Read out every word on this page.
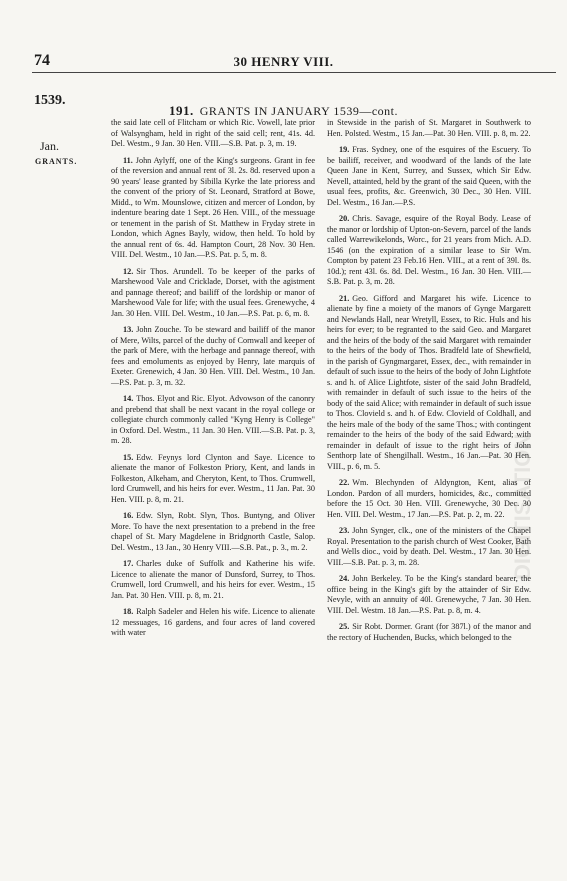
74	30 HENRY VIII.
1539.
Jan.
GRANTS.
191. GRANTS IN JANUARY 1539—cont.
DIGITISATION

the said late cell of Flitcham or which Ric. Vowell, late prior of Walsyngham, held in right of the said cell; rent, 41s. 4d. Del. Westm., 9 Jan. 30 Hen. VIII.—S.B. Pat. p. 3, m. 19.

11. John Aylyff, one of the King's surgeons. Grant in fee of the reversion and annual rent of 3l. 2s. 8d. reserved upon a 90 years' lease granted by Sibilla Kyrke the late prioress and the convent of the priory of St. Leonard, Stratford at Bowe, Midd., to Wm. Mounslowe, citizen and mercer of London, by indenture bearing date 1 Sept. 26 Hen. VIII., of the messuage or tenement in the parish of St. Matthew in Fryday strete in London, which Agnes Bayly, widow, then held. To hold by the annual rent of 6s. 4d. Hampton Court, 28 Nov. 30 Hen. VIII. Del. Westm., 10 Jan.—P.S. Pat. p. 5, m. 8.

12. Sir Thos. Arundell. To be keeper of the parks of Marshewood Vale and Cricklade, Dorset, with the agistment and pannage thereof; and bailiff of the lordship or manor of Marshewood Vale for life; with the usual fees. Grenewyche, 4 Jan. 30 Hen. VIII. Del. Westm., 10 Jan.—P.S. Pat. p. 6, m. 8.

13. John Zouche. To be steward and bailiff of the manor of Mere, Wilts, parcel of the duchy of Cornwall and keeper of the park of Mere, with the herbage and pannage thereof, with fees and emoluments as enjoyed by Henry, late marquis of Exeter. Grenewich, 4 Jan. 30 Hen. VIII. Del. Westm., 10 Jan.—P.S. Pat. p. 3, m. 32.

14. Thos. Elyot and Ric. Elyot. Advowson of the canonry and prebend that shall be next vacant in the royal college or collegiate church commonly called "Kyng Henry is College" in Oxford. Del. Westm., 11 Jan. 30 Hen. VIII.—S.B. Pat. p. 3, m. 28.

15. Edw. Feynys lord Clynton and Saye. Licence to alienate the manor of Folkeston Priory, Kent, and lands in Folkeston, Alkeham, and Cheryton, Kent, to Thos. Crumwell, lord Crumwell, and his heirs for ever. Westm., 11 Jan. Pat. 30 Hen. VIII. p. 8, m. 21.

16. Edw. Slyn, Robt. Slyn, Thos. Buntyng, and Oliver More. To have the next presentation to a prebend in the free chapel of St. Mary Magdelene in Bridgnorth Castle, Salop. Del. Westm., 13 Jan., 30 Henry VIII.—S.B. Pat., p. 3., m. 2.

17. Charles duke of Suffolk and Katherine his wife. Licence to alienate the manor of Dunsford, Surrey, to Thos. Crumwell, lord Crumwell, and his heirs for ever. Westm., 15 Jan. Pat. 30 Hen. VIII. p. 8, m. 21.

18. Ralph Sadeler and Helen his wife. Licence to alienate 12 messuages, 16 gardens, and four acres of land covered with water

in Stewside in the parish of St. Margaret in Southwerk to Hen. Polsted. Westm., 15 Jan.—Pat. 30 Hen. VIII. p. 8, m. 22.

19. Fras. Sydney, one of the esquires of the Escuery. To be bailiff, receiver, and woodward of the lands of the late Queen Jane in Kent, Surrey, and Sussex, which Sir Edw. Nevell, attainted, held by the grant of the said Queen, with the usual fees, profits, &c. Greenwich, 30 Dec., 30 Hen. VIII. Del. Westm., 16 Jan.—P.S.

20. Chris. Savage, esquire of the Royal Body. Lease of the manor or lordship of Upton-on-Severn, parcel of the lands called Warrewikelonds, Worc., for 21 years from Mich. A.D. 1546 (on the expiration of a similar lease to Sir Wm. Compton by patent 23 Feb.16 Hen. VIII., at a rent of 39l. 8s. 10d.); rent 43l. 6s. 8d. Del. Westm., 16 Jan. 30 Hen. VIII.—S.B. Pat. p. 3, m. 28.

21. Geo. Gifford and Margaret his wife. Licence to alienate by fine a moiety of the manors of Gynge Margarett and Newlands Hall, near Wretyll, Essex, to Ric. Huls and his heirs for ever; to be regranted to the said Geo. and Margaret and the heirs of the body of the said Margaret with remainder to the heirs of the body of Thos. Bradfeld late of Shewfield, in the parish of Gyngmargaret, Essex, dec., with remainder in default of such issue to the heirs of the body of John Lightfote s. and h. of Alice Lightfote, sister of the said John Bradfeld, with remainder in default of such issue to the heirs of the body of the said Alice; with remainder in default of such issue to Thos. Clovield s. and h. of Edw. Clovield of Coldhall, and the heirs male of the body of the same Thos.; with contingent remainder to the heirs of the body of the said Edward; with remainder in default of issue to the right heirs of John Senthorp late of Shengilhall. Westm., 16 Jan.—Pat. 30 Hen. VIII., p. 6, m. 5.

22. Wm. Blechynden of Aldyngton, Kent, alias of London. Pardon of all murders, homicides, &c., committed before the 15 Oct. 30 Hen. VIII. Grenewyche, 30 Dec. 30 Hen. VIII. Del. Westm., 17 Jan.—P.S. Pat. p. 2, m. 22.

23. John Synger, clk., one of the ministers of the Chapel Royal. Presentation to the parish church of West Cooker, Bath and Wells dioc., void by death. Del. Westm., 17 Jan. 30 Hen. VIII.—S.B. Pat. p. 3, m. 28.

24. John Berkeley. To be the King's standard bearer, the office being in the King's gift by the attainder of Sir Edw. Nevyle, with an annuity of 40l. Grenewyche, 7 Jan. 30 Hen. VIII. Del. Westm. 18 Jan.—P.S. Pat. p. 8, m. 4.

25. Sir Robt. Dormer. Grant (for 387l.) of the manor and the rectory of Huchenden, Bucks, which belonged to the
